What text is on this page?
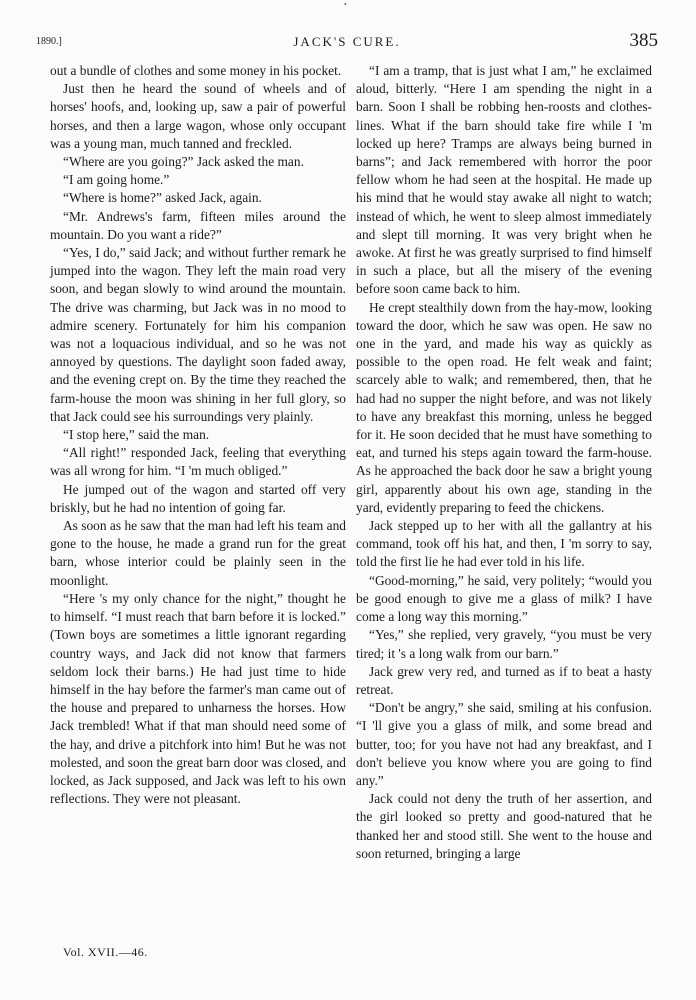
•
1890.]	JACK'S CURE.	385

out a bundle of clothes and some money in his pocket.

Just then he heard the sound of wheels and of horses' hoofs, and, looking up, saw a pair of powerful horses, and then a large wagon, whose only occupant was a young man, much tanned and freckled.

“Where are you going?” Jack asked the man.

“I am going home.”

“Where is home?” asked Jack, again.

“Mr. Andrews's farm, fifteen miles around the mountain. Do you want a ride?”

“Yes, I do,” said Jack; and without further remark he jumped into the wagon. They left the main road very soon, and began slowly to wind around the mountain. The drive was charming, but Jack was in no mood to admire scenery. Fortunately for him his companion was not a loquacious individual, and so he was not annoyed by questions. The daylight soon faded away, and the evening crept on. By the time they reached the farm-house the moon was shining in her full glory, so that Jack could see his surroundings very plainly.

“I stop here,” said the man.

“All right!” responded Jack, feeling that everything was all wrong for him. “I 'm much obliged.”

He jumped out of the wagon and started off very briskly, but he had no intention of going far.

As soon as he saw that the man had left his team and gone to the house, he made a grand run for the great barn, whose interior could be plainly seen in the moonlight.

“Here 's my only chance for the night,” thought he to himself. “I must reach that barn before it is locked.” (Town boys are sometimes a little ignorant regarding country ways, and Jack did not know that farmers seldom lock their barns.) He had just time to hide himself in the hay before the farmer's man came out of the house and prepared to unharness the horses. How Jack trembled! What if that man should need some of the hay, and drive a pitchfork into him! But he was not molested, and soon the great barn door was closed, and locked, as Jack supposed, and Jack was left to his own reflections. They were not pleasant.

“I am a tramp, that is just what I am,” he exclaimed aloud, bitterly. “Here I am spending the night in a barn. Soon I shall be robbing hen-roosts and clothes-lines. What if the barn should take fire while I 'm locked up here? Tramps are always being burned in barns”; and Jack remembered with horror the poor fellow whom he had seen at the hospital. He made up his mind that he would stay awake all night to watch; instead of which, he went to sleep almost immediately and slept till morning. It was very bright when he awoke. At first he was greatly surprised to find himself in such a place, but all the misery of the evening before soon came back to him.

He crept stealthily down from the hay-mow, looking toward the door, which he saw was open. He saw no one in the yard, and made his way as quickly as possible to the open road. He felt weak and faint; scarcely able to walk; and remembered, then, that he had had no supper the night before, and was not likely to have any breakfast this morning, unless he begged for it. He soon decided that he must have something to eat, and turned his steps again toward the farm-house. As he approached the back door he saw a bright young girl, apparently about his own age, standing in the yard, evidently preparing to feed the chickens.

Jack stepped up to her with all the gallantry at his command, took off his hat, and then, I 'm sorry to say, told the first lie he had ever told in his life.

“Good-morning,” he said, very politely; “would you be good enough to give me a glass of milk? I have come a long way this morning.”

“Yes,” she replied, very gravely, “you must be very tired; it 's a long walk from our barn.”

Jack grew very red, and turned as if to beat a hasty retreat.

“Don't be angry,” she said, smiling at his confusion. “I 'll give you a glass of milk, and some bread and butter, too; for you have not had any breakfast, and I don't believe you know where you are going to find any.”

Jack could not deny the truth of her assertion, and the girl looked so pretty and good-natured that he thanked her and stood still. She went to the house and soon returned, bringing a large

Vol. XVII.—46.
